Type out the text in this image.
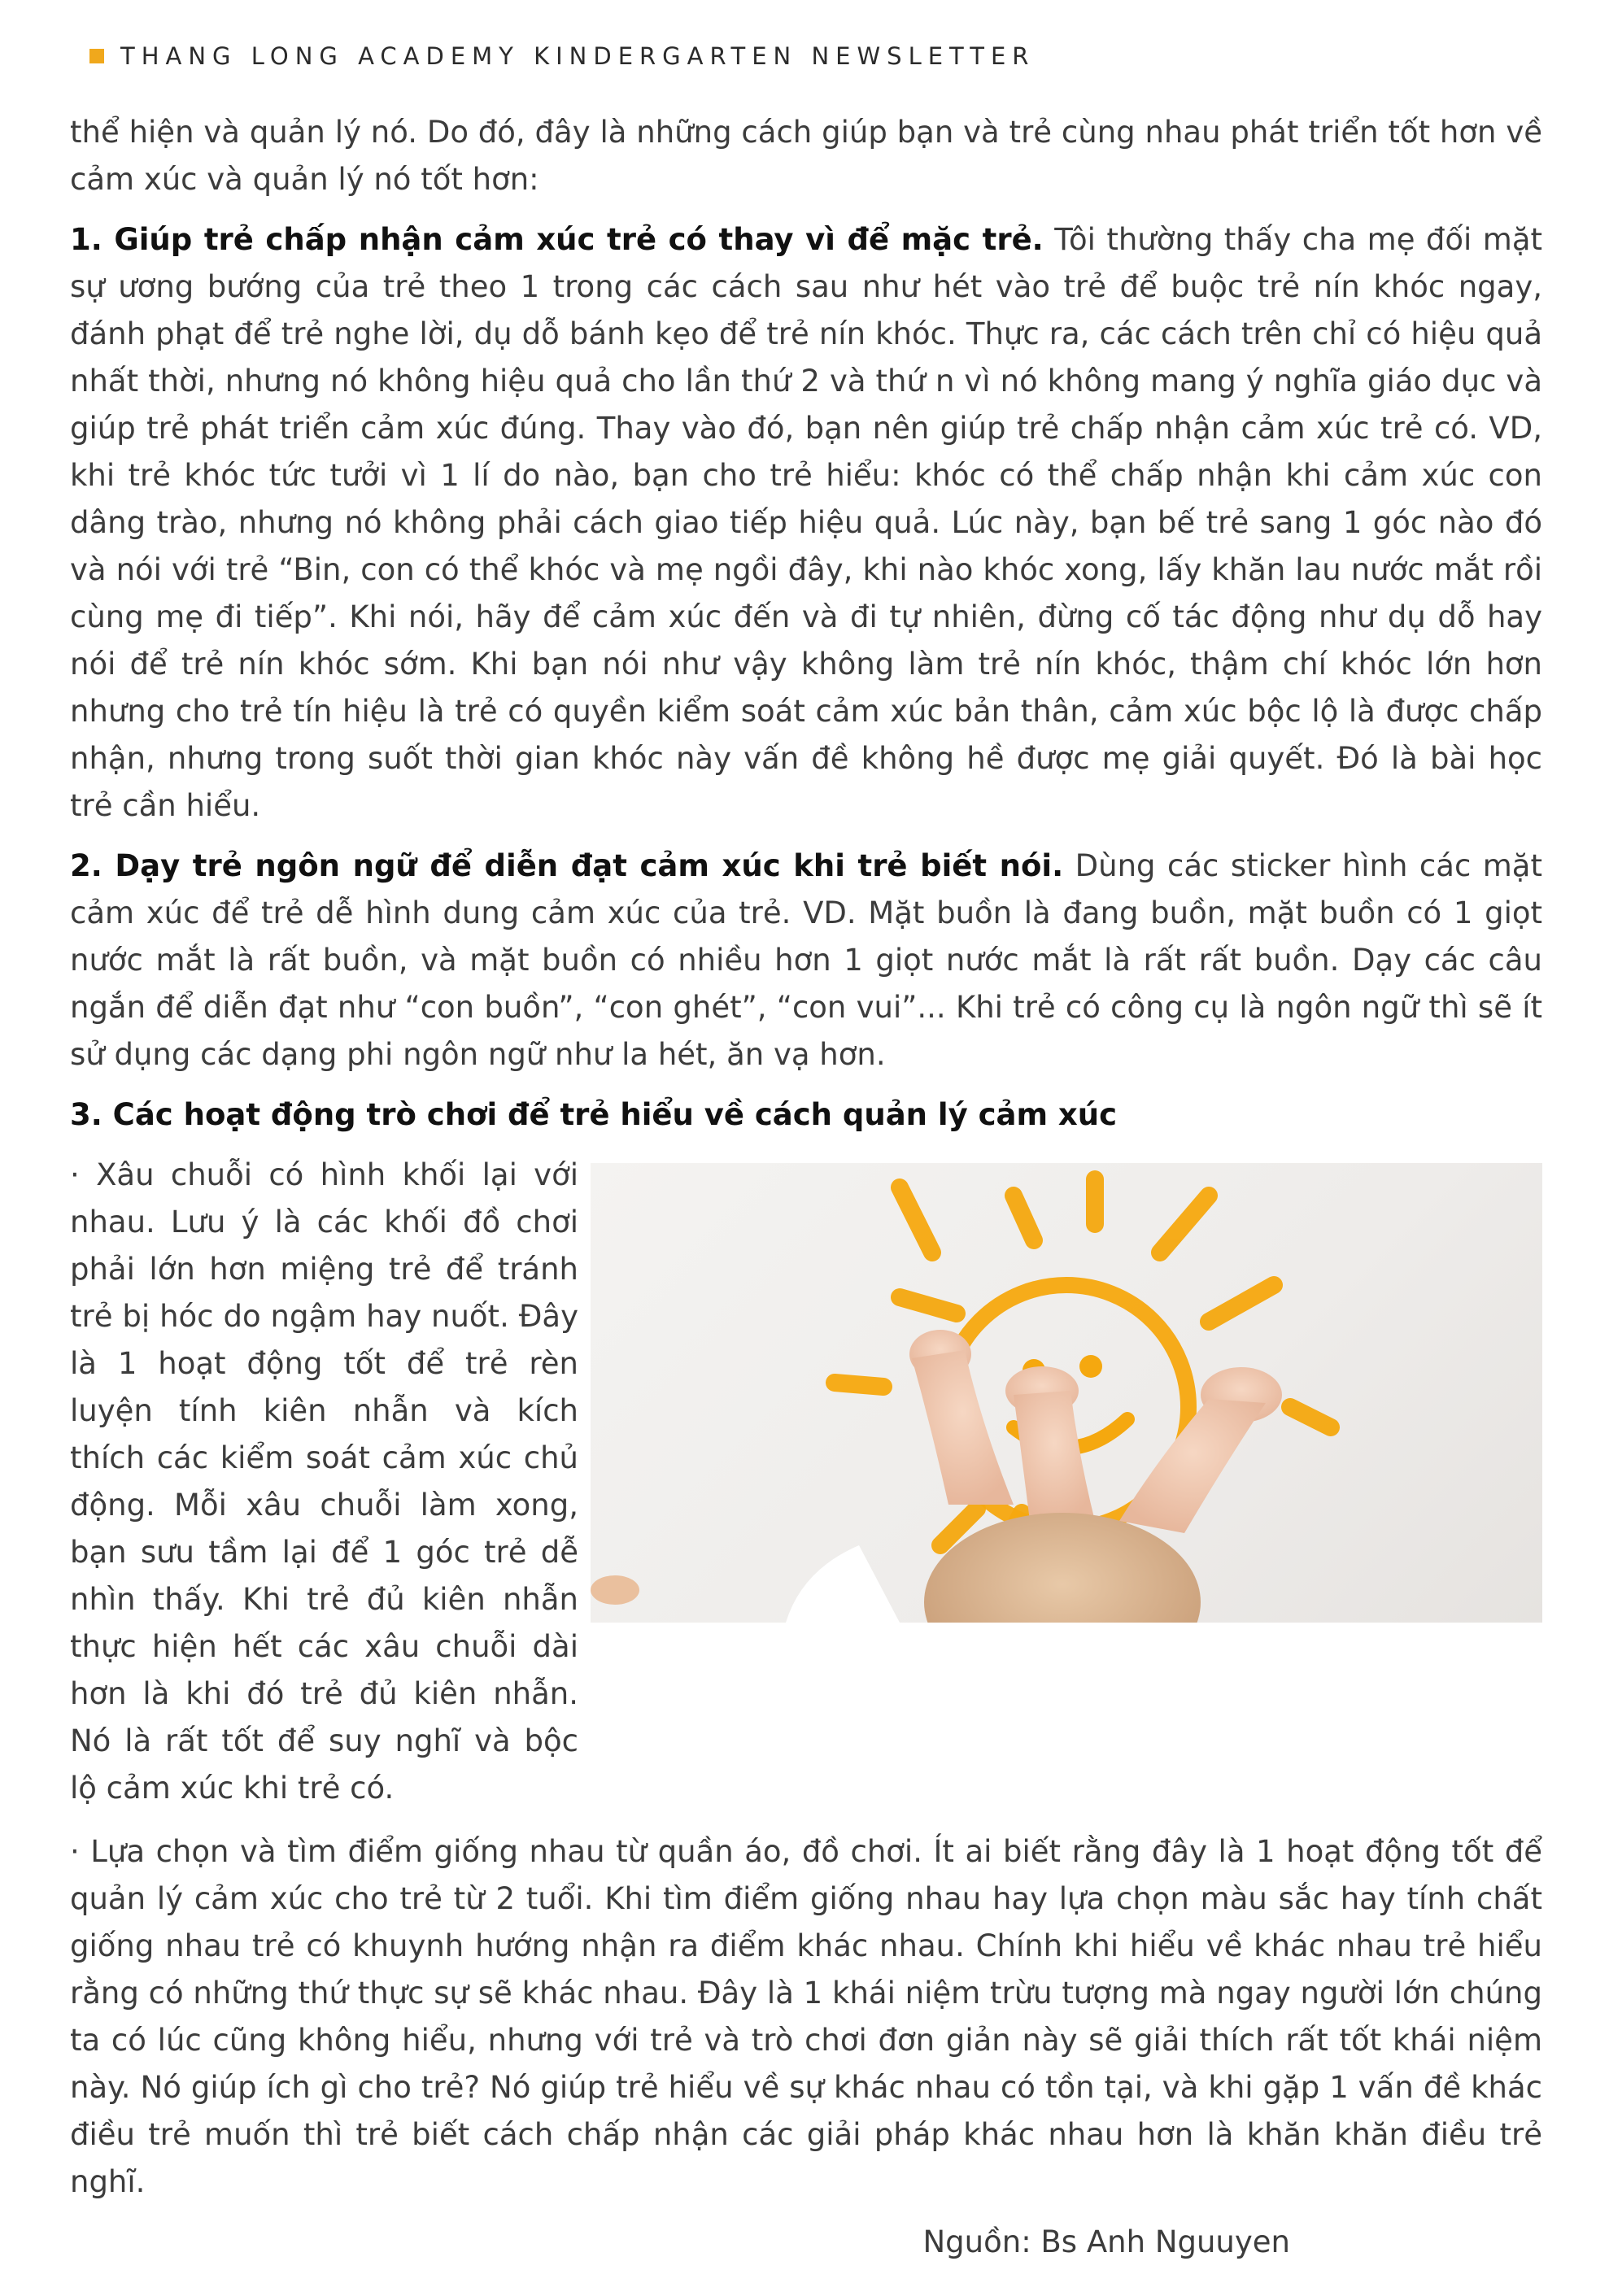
THANG LONG ACADEMY KINDERGARTEN NEWSLETTER

thể hiện và quản lý nó. Do đó, đây là những cách giúp bạn và trẻ cùng nhau phát triển tốt hơn về cảm xúc và quản lý nó tốt hơn:

1. Giúp trẻ chấp nhận cảm xúc trẻ có thay vì để mặc trẻ. Tôi thường thấy cha mẹ đối mặt sự ương bướng của trẻ theo 1 trong các cách sau như hét vào trẻ để buộc trẻ nín khóc ngay, đánh phạt để trẻ nghe lời, dụ dỗ bánh kẹo để trẻ nín khóc. Thực ra, các cách trên chỉ có hiệu quả nhất thời, nhưng nó không hiệu quả cho lần thứ 2 và thứ n vì nó không mang ý nghĩa giáo dục và giúp trẻ phát triển cảm xúc đúng. Thay vào đó, bạn nên giúp trẻ chấp nhận cảm xúc trẻ có. VD, khi trẻ khóc tức tưởi vì 1 lí do nào, bạn cho trẻ hiểu: khóc có thể chấp nhận khi cảm xúc con dâng trào, nhưng nó không phải cách giao tiếp hiệu quả. Lúc này, bạn bế trẻ sang 1 góc nào đó và nói với trẻ “Bin, con có thể khóc và mẹ ngồi đây, khi nào khóc xong, lấy khăn lau nước mắt rồi cùng mẹ đi tiếp”. Khi nói, hãy để cảm xúc đến và đi tự nhiên, đừng cố tác động như dụ dỗ hay nói để trẻ nín khóc sớm. Khi bạn nói như vậy không làm trẻ nín khóc, thậm chí khóc lớn hơn nhưng cho trẻ tín hiệu là trẻ có quyền kiểm soát cảm xúc bản thân, cảm xúc bộc lộ là được chấp nhận, nhưng trong suốt thời gian khóc này vấn đề không hề được mẹ giải quyết. Đó là bài học trẻ cần hiểu.

2. Dạy trẻ ngôn ngữ để diễn đạt cảm xúc khi trẻ biết nói. Dùng các sticker hình các mặt cảm xúc để trẻ dễ hình dung cảm xúc của trẻ. VD. Mặt buồn là đang buồn, mặt buồn có 1 giọt nước mắt là rất buồn, và mặt buồn có nhiều hơn 1 giọt nước mắt là rất rất buồn. Dạy các câu ngắn để diễn đạt như “con buồn”, “con ghét”, “con vui”... Khi trẻ có công cụ là ngôn ngữ thì sẽ ít sử dụng các dạng phi ngôn ngữ như la hét, ăn vạ hơn.

3. Các hoạt động trò chơi để trẻ hiểu về cách quản lý cảm xúc

· Xâu chuỗi có hình khối lại với nhau. Lưu ý là các khối đồ chơi phải lớn hơn miệng trẻ để tránh trẻ bị hóc do ngậm hay nuốt. Đây là 1 hoạt động tốt để trẻ rèn luyện tính kiên nhẫn và kích thích các kiểm soát cảm xúc chủ động. Mỗi xâu chuỗi làm xong, bạn sưu tầm lại để 1 góc trẻ dễ nhìn thấy. Khi trẻ đủ kiên nhẫn thực hiện hết các xâu chuỗi dài hơn là khi đó trẻ đủ kiên nhẫn. Nó là rất tốt để suy nghĩ và bộc lộ cảm xúc khi trẻ có.

· Lựa chọn và tìm điểm giống nhau từ quần áo, đồ chơi. Ít ai biết rằng đây là 1 hoạt động tốt để quản lý cảm xúc cho trẻ từ 2 tuổi. Khi tìm điểm giống nhau hay lựa chọn màu sắc hay tính chất giống nhau trẻ có khuynh hướng nhận ra điểm khác nhau. Chính khi hiểu về khác nhau trẻ hiểu rằng có những thứ thực sự sẽ khác nhau. Đây là 1 khái niệm trừu tượng mà ngay người lớn chúng ta có lúc cũng không hiểu, nhưng với trẻ và trò chơi đơn giản này sẽ giải thích rất tốt khái niệm này. Nó giúp ích gì cho trẻ? Nó giúp trẻ hiểu về sự khác nhau có tồn tại, và khi gặp 1 vấn đề khác điều trẻ muốn thì trẻ biết cách chấp nhận các giải pháp khác nhau hơn là khăn khăn điều trẻ nghĩ.

Nguồn: Bs Anh Nguuyen
